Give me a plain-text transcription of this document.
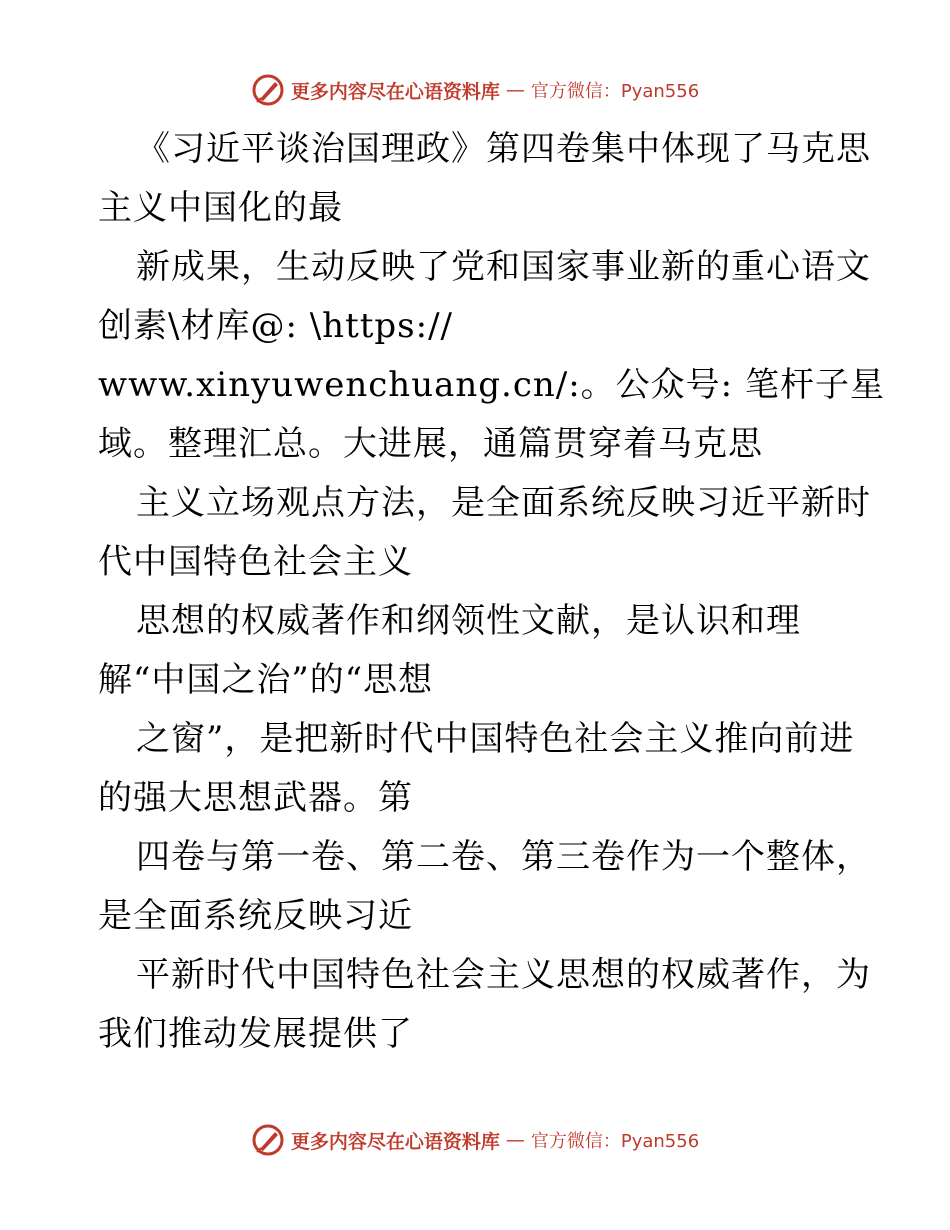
更多内容尽在心语资料库 — 官方微信：Pyan556
《习近平谈治国理政》第四卷集中体现了马克思
主义中国化的最
新成果，生动反映了党和国家事业新的重心语文
创素\材库@: \https://
www.xinyuwenchuang.cn/:。公众号: 笔杆子星
域。整理汇总。大进展，通篇贯穿着马克思
主义立场观点方法，是全面系统反映习近平新时
代中国特色社会主义
思想的权威著作和纲领性文献，是认识和理
解“中国之治”的“思想
之窗”，是把新时代中国特色社会主义推向前进
的强大思想武器。第
四卷与第一卷、第二卷、第三卷作为一个整体，
是全面系统反映习近
平新时代中国特色社会主义思想的权威著作，为
我们推动发展提供了
更多内容尽在心语资料库 — 官方微信：Pyan556
